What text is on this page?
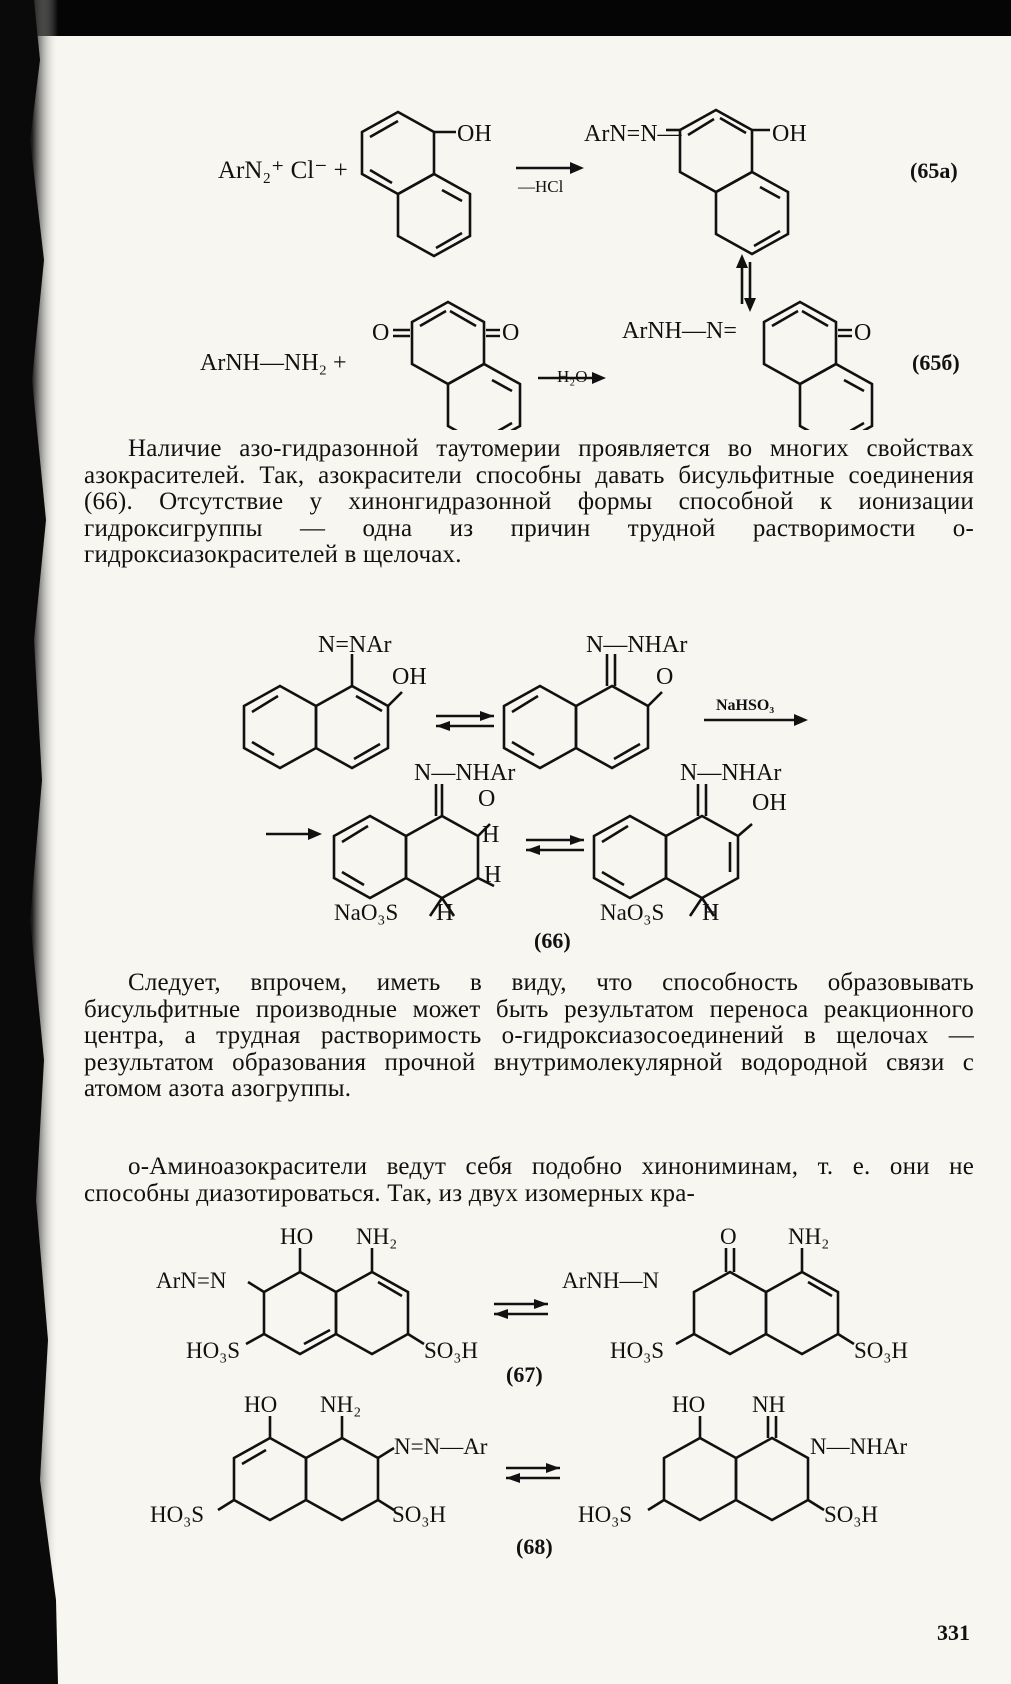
ArN₂⁺ Cl⁻ +
OH
—HCl
ArN=N—	OH
(65а)
ArNH—NH₂ +
O	O
—H₂O
ArNH—N=	O
(65б)

Наличие азо-гидразонной таутомерии проявляется во многих свойствах азокрасителей. Так, азокрасители способны давать бисульфитные соединения (66). Отсутствие у хинонгидразонной формы способной к ионизации гидроксигруппы — одна из причин трудной растворимости о-гидроксиазокрасителей в щелочах.

N=NAr
OH
N—NHAr
O
NaHSO₃
N—NHAr
O
H
H
NaO₃S H
N—NHAr
OH
NaO₃S H
(66)

Следует, впрочем, иметь в виду, что способность образовывать бисульфитные производные может быть результатом переноса реакционного центра, а трудная растворимость о-гидроксиазосоединений в щелочах — результатом образования прочной внутримолекулярной водородной связи с атомом азота азогруппы.

о-Аминоазокрасители ведут себя подобно хинониминам, т. е. они не способны диазотироваться. Так, из двух изомерных кра-

HO NH₂
ArN=N
HO₃S	SO₃H
O NH₂
ArNH—N
HO₃S	SO₃H
(67)
HO NH₂
N=N—Ar
HO₃S	SO₃H
HO NH
N—NHAr
HO₃S	SO₃H
(68)
331
